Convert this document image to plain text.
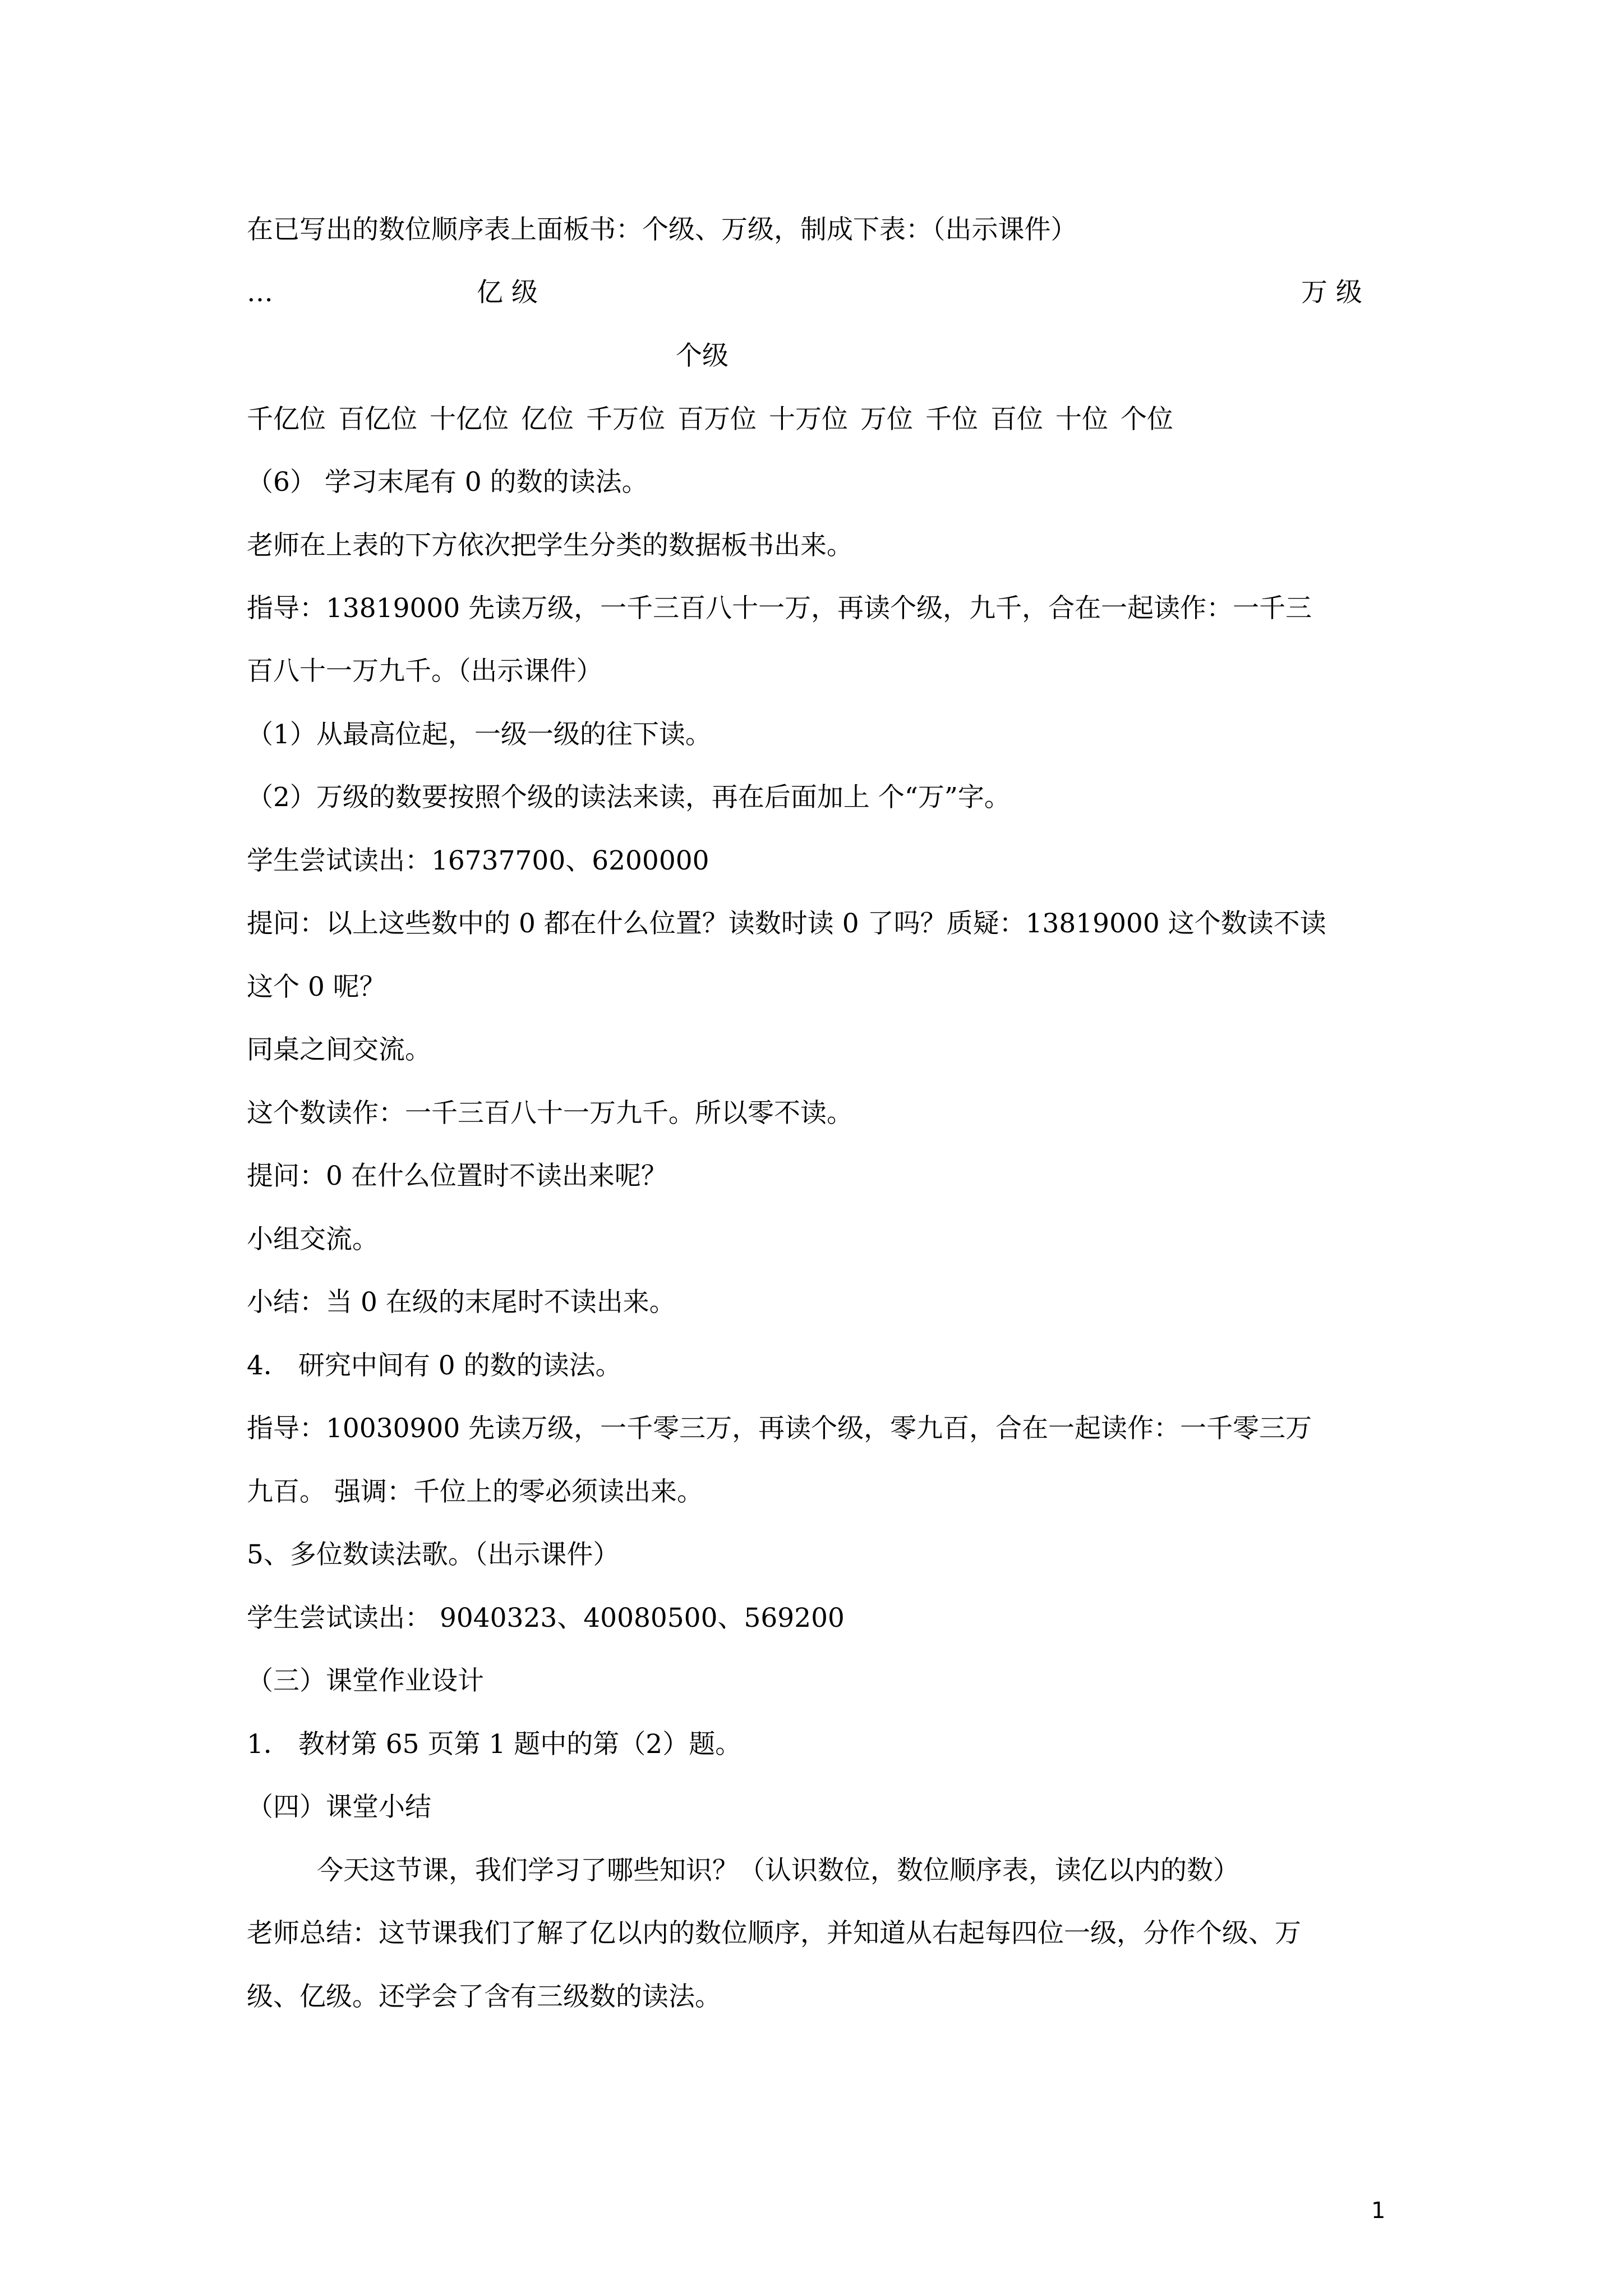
在已写出的数位顺序表上面板书：个级、万级，制成下表：（出示课件）
…	亿 级	万 级
个级
千亿位 百亿位 十亿位 亿位 千万位 百万位 十万位 万位 千位 百位 十位 个位
（6） 学习末尾有 0 的数的读法。
老师在上表的下方依次把学生分类的数据板书出来。
指导：13819000 先读万级，一千三百八十一万，再读个级，九千，合在一起读作：一千三
百八十一万九千。（出示课件）
（1）从最高位起，一级一级的往下读。
（2）万级的数要按照个级的读法来读，再在后面加上 个“万”字。
学生尝试读出：16737700、6200000
提问：以上这些数中的 0 都在什么位置？读数时读 0 了吗？质疑：13819000 这个数读不读
这个 0 呢？
同桌之间交流。
这个数读作：一千三百八十一万九千。所以零不读。
提问：0 在什么位置时不读出来呢？
小组交流。
小结：当 0 在级的末尾时不读出来。
4． 研究中间有 0 的数的读法。
指导：10030900 先读万级，一千零三万，再读个级，零九百，合在一起读作：一千零三万
九百。 强调：千位上的零必须读出来。
5、多位数读法歌。（出示课件）
学生尝试读出： 9040323、40080500、569200
（三）课堂作业设计
1． 教材第 65 页第 1 题中的第（2）题。
（四）课堂小结
今天这节课，我们学习了哪些知识？（认识数位，数位顺序表，读亿以内的数）
老师总结：这节课我们了解了亿以内的数位顺序，并知道从右起每四位一级，分作个级、万
级、亿级。还学会了含有三级数的读法。
1
